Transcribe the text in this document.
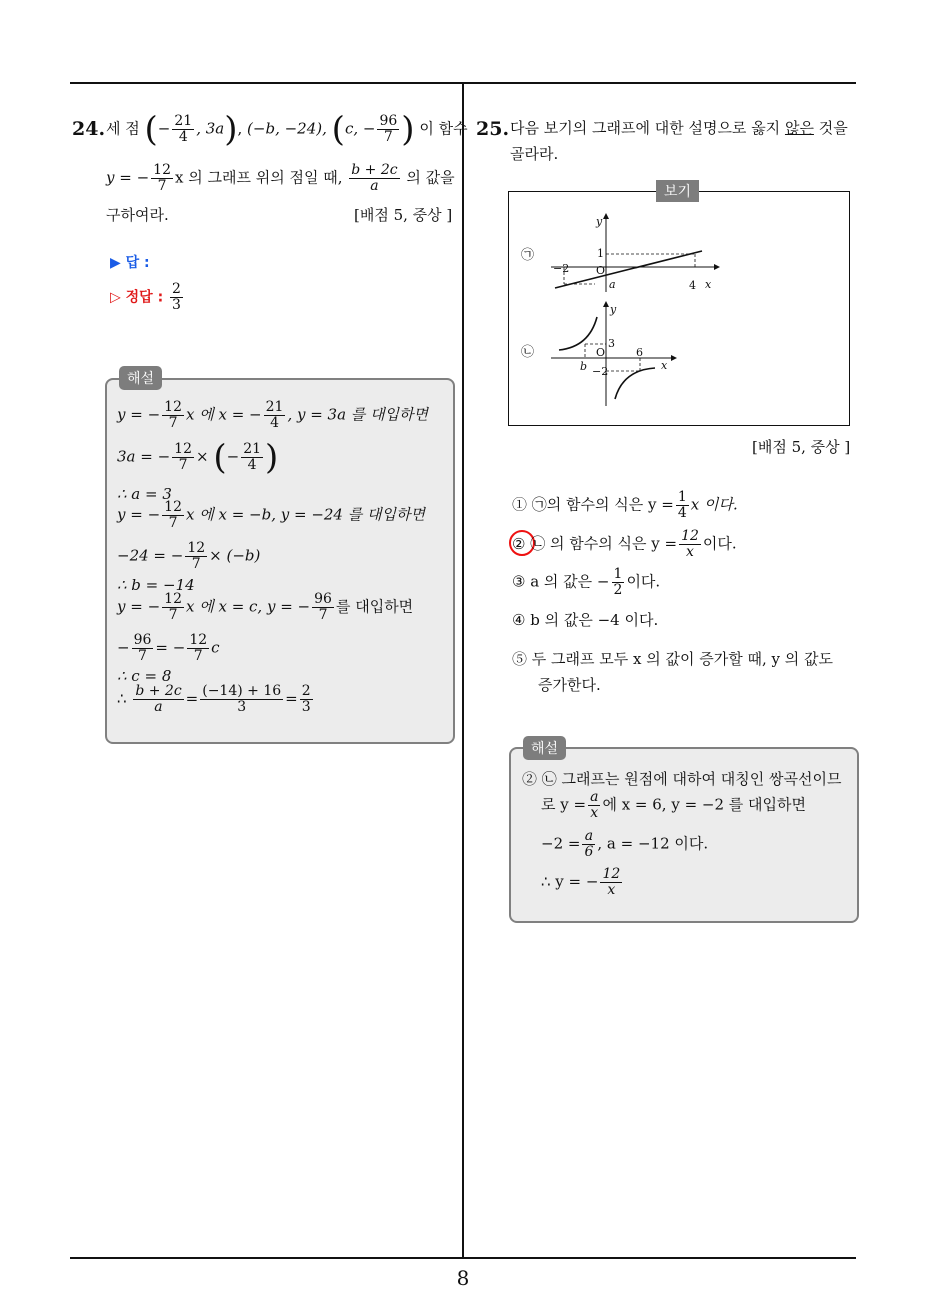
8
24. 세 점 (− $\frac{21}{4}$ , 3a), (−b, −24), (c, − $\frac{96}{7}$ ) 이 함수
y = − $\frac{12}{7}$ x 의 그래프 위의 점일 때, $\frac{b + 2c}{a}$ 의 값을
구하여라.	[배점 5, 중상 ]
▶ 답 :
▷ 정답 : $\frac{2}{3}$
해설
y = − $\frac{12}{7}$ x 에 x = − $\frac{21}{4}$ , y = 3a 를 대입하면
3a = − $\frac{12}{7}$ × (− $\frac{21}{4}$ )
∴ a = 3
y = − $\frac{12}{7}$ x 에 x = −b, y = −24 를 대입하면
−24 = − $\frac{12}{7} \times (-b)$
∴ b = −14
y = − $\frac{12}{7}$ x 에 x = c, y = − $\frac{96}{7}$ 를 대입하면
− $\frac{96}{7}$ = − $\frac{12}{7}$ c
∴ c = 8
∴ $\frac{b + 2c}{a} = \frac{(-14) + 16}{3} = \frac{2}{3}$
25. 다음 보기의 그래프에 대한 설명으로 옳지 않은 것을
골라라.
㉠
y
x
1
O
−2
a	4
㉡
y
x
3
O	6
b −2
보기
[배점 5, 중상 ]
① ㉠의 함수의 식은 $y = \frac{1}{4}$ x 이다.
② ㉡ 의 함수의 식은 $y = \frac{12}{x}$ 이다.
③ a 의 값은 − $\frac{1}{2}$ 이다.
④ b 의 값은 −4 이다.
⑤ 두 그래프 모두 x 의 값이 증가할 때, y 의 값도
증가한다.
해설
② ㉡ 그래프는 원점에 대하여 대칭인 쌍곡선이므
로 $y = \frac{a}{x}$ 에 x = 6, y = −2 를 대입하면
$-2 = \frac{a}{6}$ , a = −12 이다.
∴ y = − $\frac{12}{x}$
